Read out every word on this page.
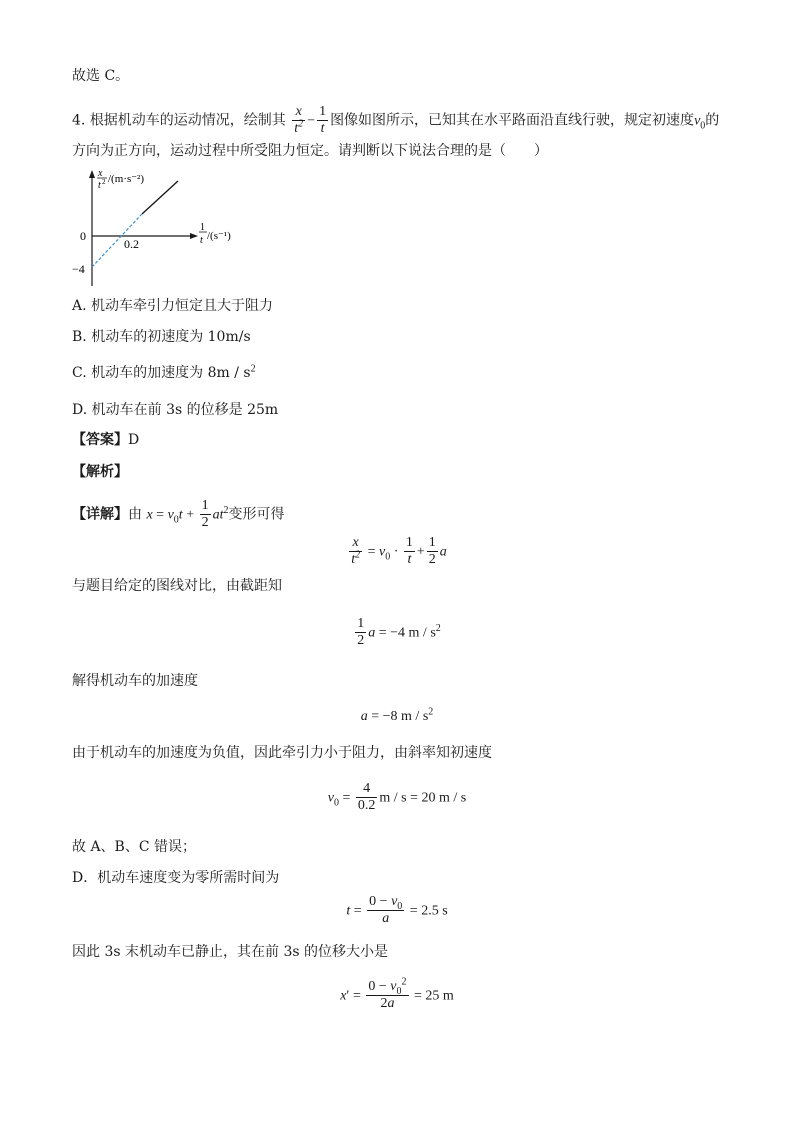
故选 C。
4. 根据机动车的运动情况，绘制其 $\frac{x}{t^2} - \frac{1}{t}$ 图像如图所示，已知其在水平路面沿直线行驶，规定初速度$v_0$的
方向为正方向，运动过程中所受阻力恒定。请判断以下说法合理的是（　　）
x
t 2 /(m·s⁻²)
1
t /(s⁻¹)
0
0.2
−4
A. 机动车牵引力恒定且大于阻力
B. 机动车的初速度为 10m/s
C. 机动车的加速度为 $8m / s^2$
D. 机动车在前 3s 的位移是 25m
【答案】D
【解析】
【详解】由 $x = v_0t + \frac{1}{2} at^2$变形可得
$\frac{x}{t^2} = v_0 \cdot \frac{1}{t} + \frac{1}{2}$ a
与题目给定的图线对比，由截距知
$\frac{1}{2}$ a = −4 m / $s^2$
解得机动车的加速度
a = −8 m / $s^2$
由于机动车的加速度为负值，因此牵引力小于阻力，由斜率知初速度
$v_0 = \frac{4}{0.2}$ m / s = 20 m / s
故 A、B、C 错误；
D．机动车速度变为零所需时间为
$t = \frac{0 - v_0}{a} = 2.5$ s
因此 3s 末机动车已静止，其在前 3s 的位移大小是
$x' = \frac{0 - v_0^2}{2a} = 25$ m
